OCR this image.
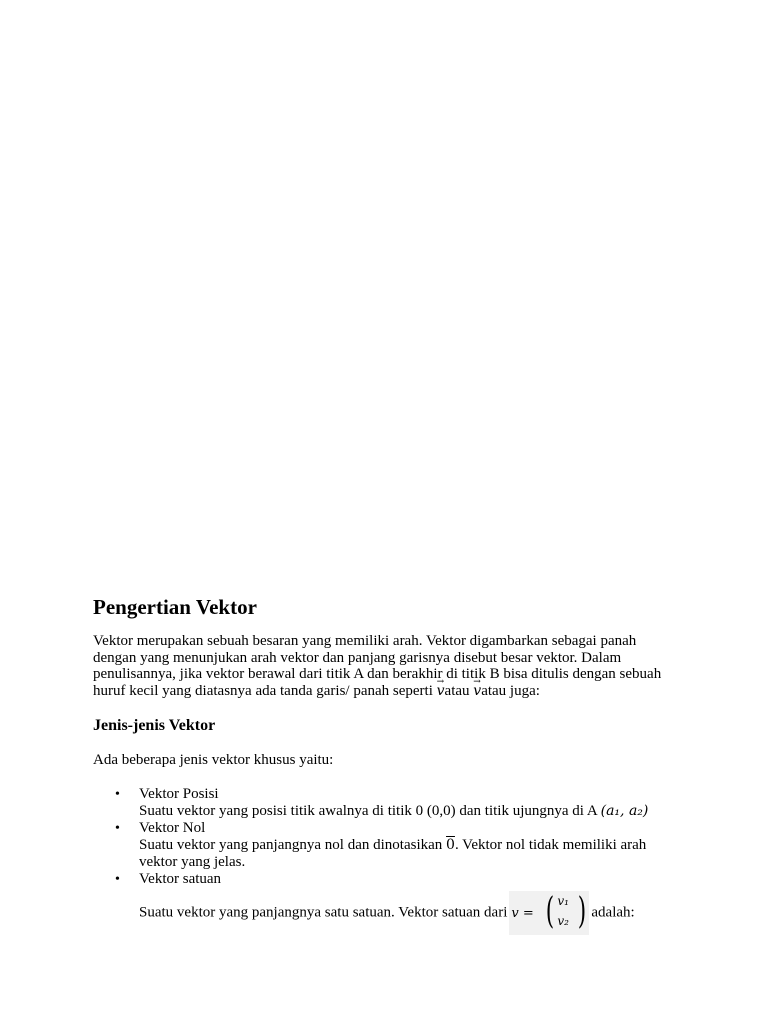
Pengertian Vektor

Vektor merupakan sebuah besaran yang memiliki arah. Vektor digambarkan sebagai panah dengan yang menunjukan arah vektor dan panjang garisnya disebut besar vektor. Dalam penulisannya, jika vektor berawal dari titik A dan berakhir di titik B bisa ditulis dengan sebuah huruf kecil yang diatasnya ada tanda garis/ panah seperti → vatau → vatau juga:

Jenis-jenis Vektor

Ada beberapa jenis vektor khusus yaitu:

• Vektor Posisi
Suatu vektor yang posisi titik awalnya di titik 0 (0,0) dan titik ujungnya di A (a₁, a₂)
• Vektor Nol
Suatu vektor yang panjangnya nol dan dinotasikan 0. Vektor nol tidak memiliki arah vektor yang jelas.
• Vektor satuan
Suatu vektor yang panjangnya satu satuan. Vektor satuan dari v = ( v₁
v₂ ) adalah:
